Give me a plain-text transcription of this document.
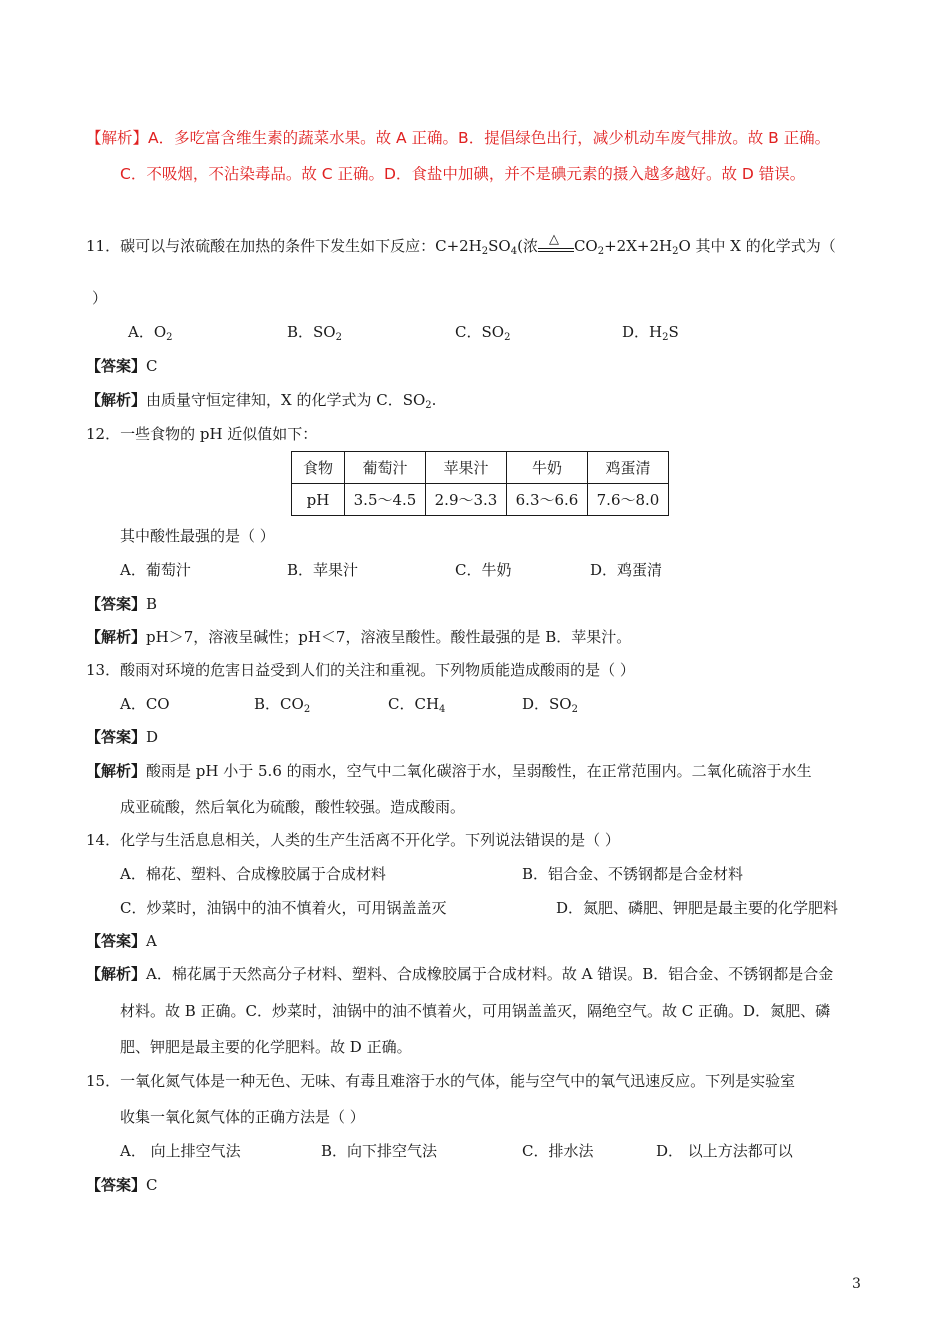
【解析】A．多吃富含维生素的蔬菜水果。故 A 正确。B．提倡绿色出行，减少机动车废气排放。故 B 正确。
C．不吸烟，不沾染毒品。故 C 正确。D．食盐中加碘，并不是碘元素的摄入越多越好。故 D 错误。
11．碳可以与浓硫酸在加热的条件下发生如下反应：$C+2H_2SO_4$(浓 △ $CO_2+2X+2H_2O$ 其中 X 的化学式为（
）
A．$O_2$	B．$SO_2$	C．$SO_2$	D．$H_2S$
【答案】C
【解析】由质量守恒定律知，X 的化学式为 C．$SO_2$.
12．一些食物的 pH 近似值如下：
食物	葡萄汁	苹果汁	牛奶	鸡蛋清
pH	3.5～4.5	2.9～3.3	6.3～6.6	7.6～8.0
其中酸性最强的是（ ）
A．葡萄汁	B．苹果汁	C．牛奶	D．鸡蛋清
【答案】B
【解析】pH＞7，溶液呈碱性；pH＜7，溶液呈酸性。酸性最强的是 B．苹果汁。
13．酸雨对环境的危害日益受到人们的关注和重视。下列物质能造成酸雨的是（ ）
A．CO	B．$CO_2$	C．$CH_4$	D．$SO_2$
【答案】D
【解析】酸雨是 pH 小于 5.6 的雨水，空气中二氧化碳溶于水，呈弱酸性，在正常范围内。二氧化硫溶于水生
成亚硫酸，然后氧化为硫酸，酸性较强。造成酸雨。
14．化学与生活息息相关，人类的生产生活离不开化学。下列说法错误的是（ ）
A．棉花、塑料、合成橡胶属于合成材料	B．铝合金、不锈钢都是合金材料
C．炒菜时，油锅中的油不慎着火，可用锅盖盖灭	D．氮肥、磷肥、钾肥是最主要的化学肥料
【答案】A
【解析】A．棉花属于天然高分子材料、塑料、合成橡胶属于合成材料。故 A 错误。B．铝合金、不锈钢都是合金
材料。故 B 正确。C．炒菜时，油锅中的油不慎着火，可用锅盖盖灭，隔绝空气。故 C 正确。D．氮肥、磷
肥、钾肥是最主要的化学肥料。故 D 正确。
15．一氧化氮气体是一种无色、无味、有毒且难溶于水的气体，能与空气中的氧气迅速反应。下列是实验室
收集一氧化氮气体的正确方法是（ ）
A． 向上排空气法	B．向下排空气法	C．排水法	D． 以上方法都可以
【答案】C
3
